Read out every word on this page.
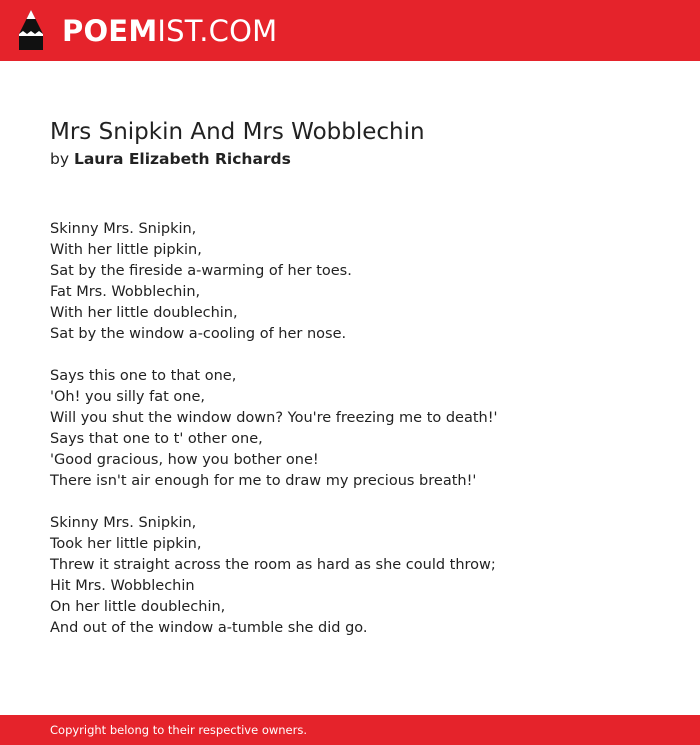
POEMIST.COM
Mrs Snipkin And Mrs Wobblechin
by Laura Elizabeth Richards
Skinny Mrs. Snipkin,
With her little pipkin,
Sat by the fireside a-warming of her toes.
Fat Mrs. Wobblechin,
With her little doublechin,
Sat by the window a-cooling of her nose.
Says this one to that one,
'Oh! you silly fat one,
Will you shut the window down? You're freezing me to death!'
Says that one to t' other one,
'Good gracious, how you bother one!
There isn't air enough for me to draw my precious breath!'
Skinny Mrs. Snipkin,
Took her little pipkin,
Threw it straight across the room as hard as she could throw;
Hit Mrs. Wobblechin
On her little doublechin,
And out of the window a-tumble she did go.
Copyright belong to their respective owners.
